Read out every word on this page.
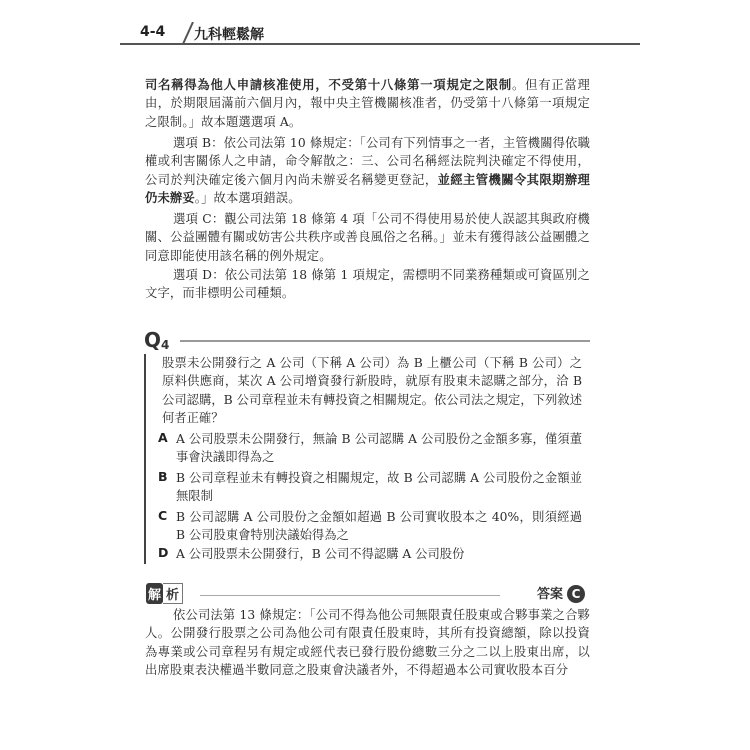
4-4 九科輕鬆解
司名稱得為他人申請核准使用，不受第十八條第一項規定之限制。但有正當理由，於期限屆滿前六個月內，報中央主管機關核准者，仍受第十八條第一項規定之限制。」故本題選選項 A。
選項 B：依公司法第 10 條規定：「公司有下列情事之一者，主管機關得依職權或利害關係人之申請，命令解散之：三、公司名稱經法院判決確定不得使用，公司於判決確定後六個月內尚未辦妥名稱變更登記，並經主管機關令其限期辦理仍未辦妥。」故本選項錯誤。
選項 C：觀公司法第 18 條第 4 項「公司不得使用易於使人誤認其與政府機關、公益團體有關或妨害公共秩序或善良風俗之名稱。」並未有獲得該公益團體之同意即能使用該名稱的例外規定。
選項 D：依公司法第 18 條第 1 項規定，需標明不同業務種類或可資區別之文字，而非標明公司種類。
$Q_4$
股票未公開發行之 A 公司（下稱 A 公司）為 B 上櫃公司（下稱 B 公司）之原料供應商，某次 A 公司增資發行新股時，就原有股東未認購之部分，洽 B 公司認購，B 公司章程並未有轉投資之相關規定。依公司法之規定，下列敘述何者正確？
A A 公司股票未公開發行，無論 B 公司認購 A 公司股份之金額多寡，僅須董事會決議即得為之
B B 公司章程並未有轉投資之相關規定，故 B 公司認購 A 公司股份之金額並無限制
C B 公司認購 A 公司股份之金額如超過 B 公司實收股本之 40%，則須經過 B 公司股東會特別決議始得為之
D A 公司股票未公開發行，B 公司不得認購 A 公司股份
解 析	答案 C
依公司法第 13 條規定：「公司不得為他公司無限責任股東或合夥事業之合夥人。公開發行股票之公司為他公司有限責任股東時，其所有投資總額，除以投資為專業或公司章程另有規定或經代表已發行股份總數三分之二以上股東出席，以出席股東表決權過半數同意之股東會決議者外，不得超過本公司實收股本百分
